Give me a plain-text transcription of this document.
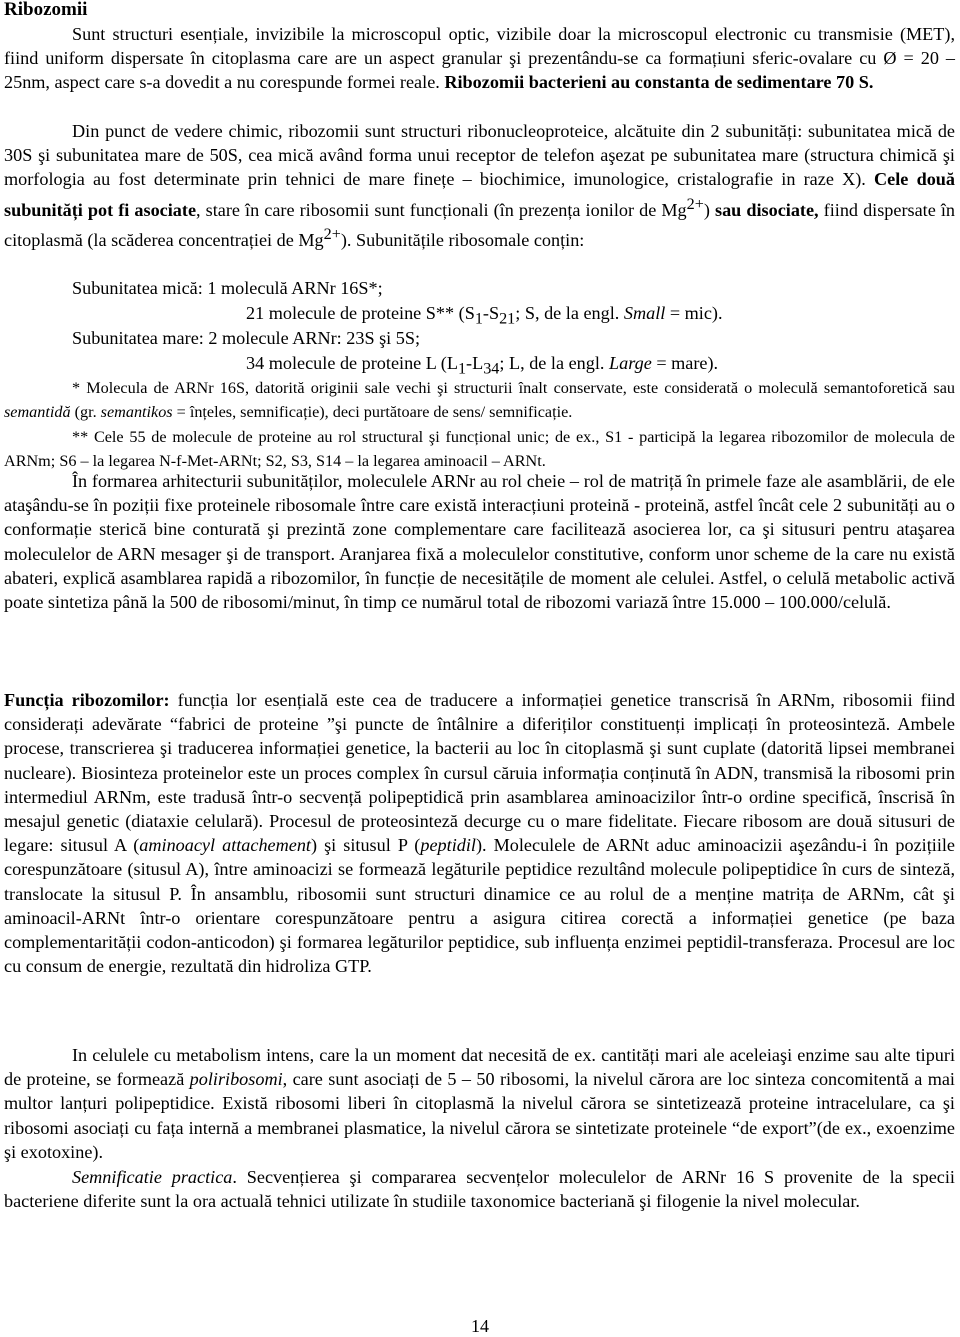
Ribozomii

Sunt structuri esențiale, invizibile la microscopul optic, vizibile doar la microscopul electronic cu transmisie (MET), fiind uniform dispersate în citoplasma care are un aspect granular şi prezentându-se ca formațiuni sferic-ovalare cu Ø = 20 – 25nm, aspect care s-a dovedit a nu corespunde formei reale. Ribozomii bacterieni au constanta de sedimentare 70 S.

Din punct de vedere chimic, ribozomii sunt structuri ribonucleoproteice, alcătuite din 2 subunități: subunitatea mică de 30S şi subunitatea mare de 50S, cea mică având forma unui receptor de telefon aşezat pe subunitatea mare (structura chimică şi morfologia au fost determinate prin tehnici de mare finețe – biochimice, imunologice, cristalografie in raze X). Cele două subunități pot fi asociate, stare în care ribosomii sunt funcționali (în prezența ionilor de $Mg^{2+}$) sau disociate, fiind dispersate în citoplasmă (la scăderea concentrației de $Mg^{2+}$). Subunitățile ribosomale conțin:

Subunitatea mică: 1 moleculă ARNr 16S*;
21 molecule de proteine S** ($S_1-S_{21}$; S, de la engl. Small = mic).
Subunitatea mare: 2 molecule ARNr: 23S şi 5S;
34 molecule de proteine L ($L_1-L_{34}$; L, de la engl. Large = mare).

* Molecula de ARNr 16S, datorită originii sale vechi şi structurii înalt conservate, este considerată o moleculă semantoforetică sau semantidă (gr. semantikos = înțeles, semnificație), deci purtătoare de sens/ semnificație.

** Cele 55 de molecule de proteine au rol structural şi funcțional unic; de ex., S1 - participă la legarea ribozomilor de molecula de ARNm; S6 – la legarea N-f-Met-ARNt; S2, S3, S14 – la legarea aminoacil – ARNt.

În formarea arhitecturii subunităților, moleculele ARNr au rol cheie – rol de matriță în primele faze ale asamblării, de ele ataşându-se în poziții fixe proteinele ribosomale între care există interacțiuni proteină - proteină, astfel încât cele 2 subunități au o conformație sterică bine conturată şi prezintă zone complementare care facilitează asocierea lor, ca şi situsuri pentru ataşarea moleculelor de ARN mesager şi de transport. Aranjarea fixă a moleculelor constitutive, conform unor scheme de la care nu există abateri, explică asamblarea rapidă a ribozomilor, în funcție de necesitățile de moment ale celulei. Astfel, o celulă metabolic activă poate sintetiza până la 500 de ribosomi/minut, în timp ce numărul total de ribozomi variază între 15.000 – 100.000/celulă.

Funcția ribozomilor: funcția lor esențială este cea de traducere a informației genetice transcrisă în ARNm, ribosomii fiind considerați adevărate “fabrici de proteine ”şi puncte de întâlnire a diferiților constituenți implicați în proteosinteză. Ambele procese, transcrierea şi traducerea informației genetice, la bacterii au loc în citoplasmă şi sunt cuplate (datorită lipsei membranei nucleare). Biosinteza proteinelor este un proces complex în cursul căruia informația conținută în ADN, transmisă la ribosomi prin intermediul ARNm, este tradusă într-o secvență polipeptidică prin asamblarea aminoacizilor într-o ordine specifică, înscrisă în mesajul genetic (diataxie celulară). Procesul de proteosinteză decurge cu o mare fidelitate. Fiecare ribosom are două situsuri de legare: situsul A (aminoacyl attachement) şi situsul P (peptidil). Moleculele de ARNt aduc aminoacizii aşezându-i în pozițiile corespunzătoare (situsul A), între aminoacizi se formează legăturile peptidice rezultând molecule polipeptidice în curs de sinteză, translocate la situsul P. În ansamblu, ribosomii sunt structuri dinamice ce au rolul de a menține matrița de ARNm, cât şi aminoacil-ARNt într-o orientare corespunzătoare pentru a asigura citirea corectă a informației genetice (pe baza complementarității codon-anticodon) şi formarea legăturilor peptidice, sub influența enzimei peptidil-transferaza. Procesul are loc cu consum de energie, rezultată din hidroliza GTP.

In celulele cu metabolism intens, care la un moment dat necesită de ex. cantități mari ale aceleiaşi enzime sau alte tipuri de proteine, se formează poliribosomi, care sunt asociați de 5 – 50 ribosomi, la nivelul cărora are loc sinteza concomitentă a mai multor lanțuri polipeptidice. Există ribosomi liberi în citoplasmă la nivelul cărora se sintetizează proteine intracelulare, ca şi ribosomi asociați cu fața internă a membranei plasmatice, la nivelul cărora se sintetizate proteinele “de export”(de ex., exoenzime şi exotoxine).

Semnificatie practica. Secvențierea şi compararea secvențelor moleculelor de ARNr 16 S provenite de la specii bacteriene diferite sunt la ora actuală tehnici utilizate în studiile taxonomice bacteriană şi filogenie la nivel molecular.

14
